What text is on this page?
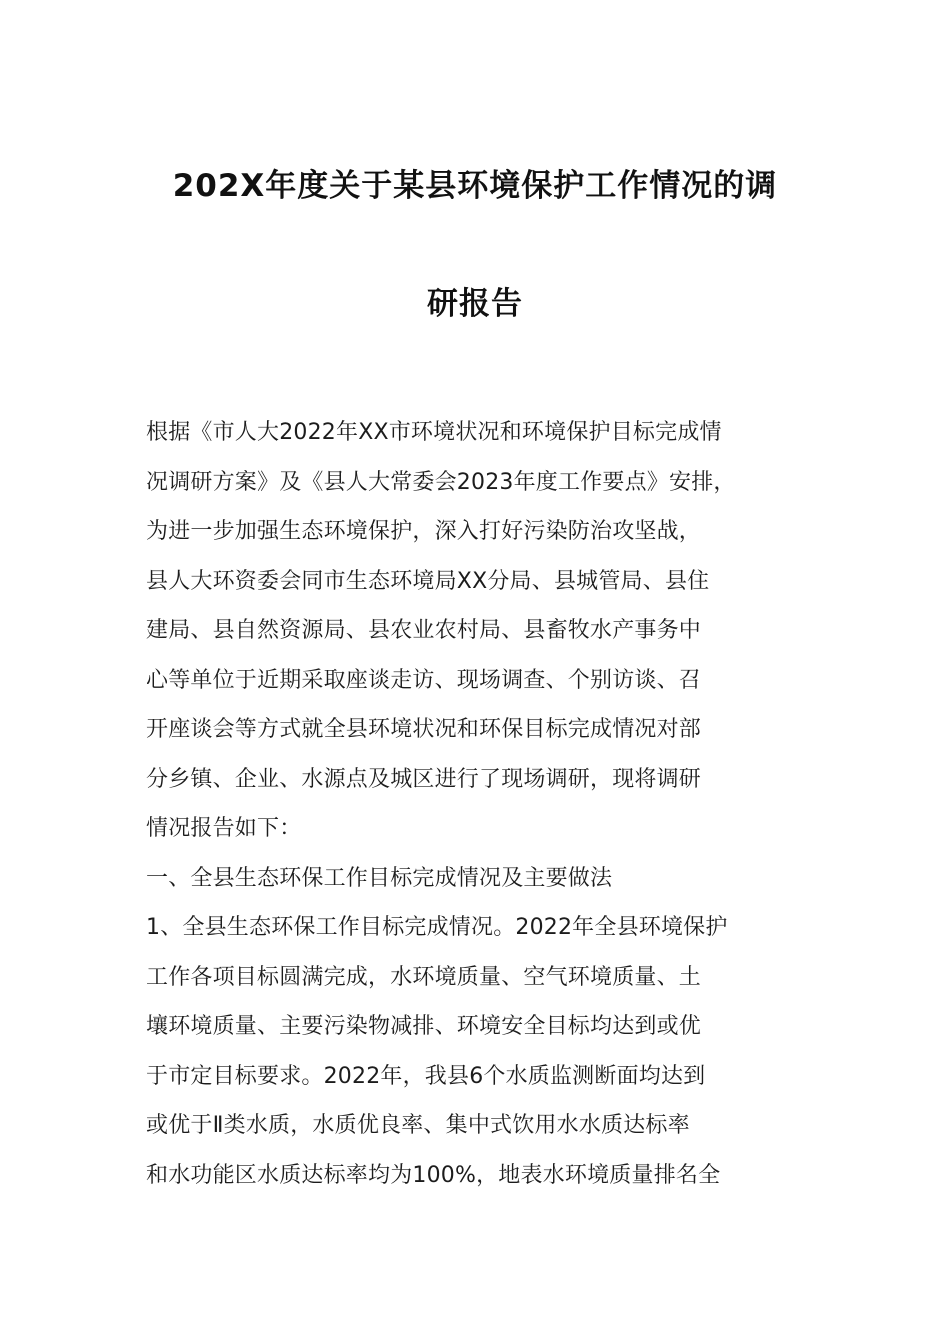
202X年度关于某县环境保护工作情况的调
研报告
根据《市人大2022年XX市环境状况和环境保护目标完成情
况调研方案》及《县人大常委会2023年度工作要点》安排，
为进一步加强生态环境保护，深入打好污染防治攻坚战，
县人大环资委会同市生态环境局XX分局、县城管局、县住
建局、县自然资源局、县农业农村局、县畜牧水产事务中
心等单位于近期采取座谈走访、现场调查、个别访谈、召
开座谈会等方式就全县环境状况和环保目标完成情况对部
分乡镇、企业、水源点及城区进行了现场调研，现将调研
情况报告如下：
一、全县生态环保工作目标完成情况及主要做法
1、全县生态环保工作目标完成情况。2022年全县环境保护
工作各项目标圆满完成，水环境质量、空气环境质量、土
壤环境质量、主要污染物减排、环境安全目标均达到或优
于市定目标要求。2022年，我县6个水质监测断面均达到
或优于Ⅱ类水质，水质优良率、集中式饮用水水质达标率
和水功能区水质达标率均为100%，地表水环境质量排名全
